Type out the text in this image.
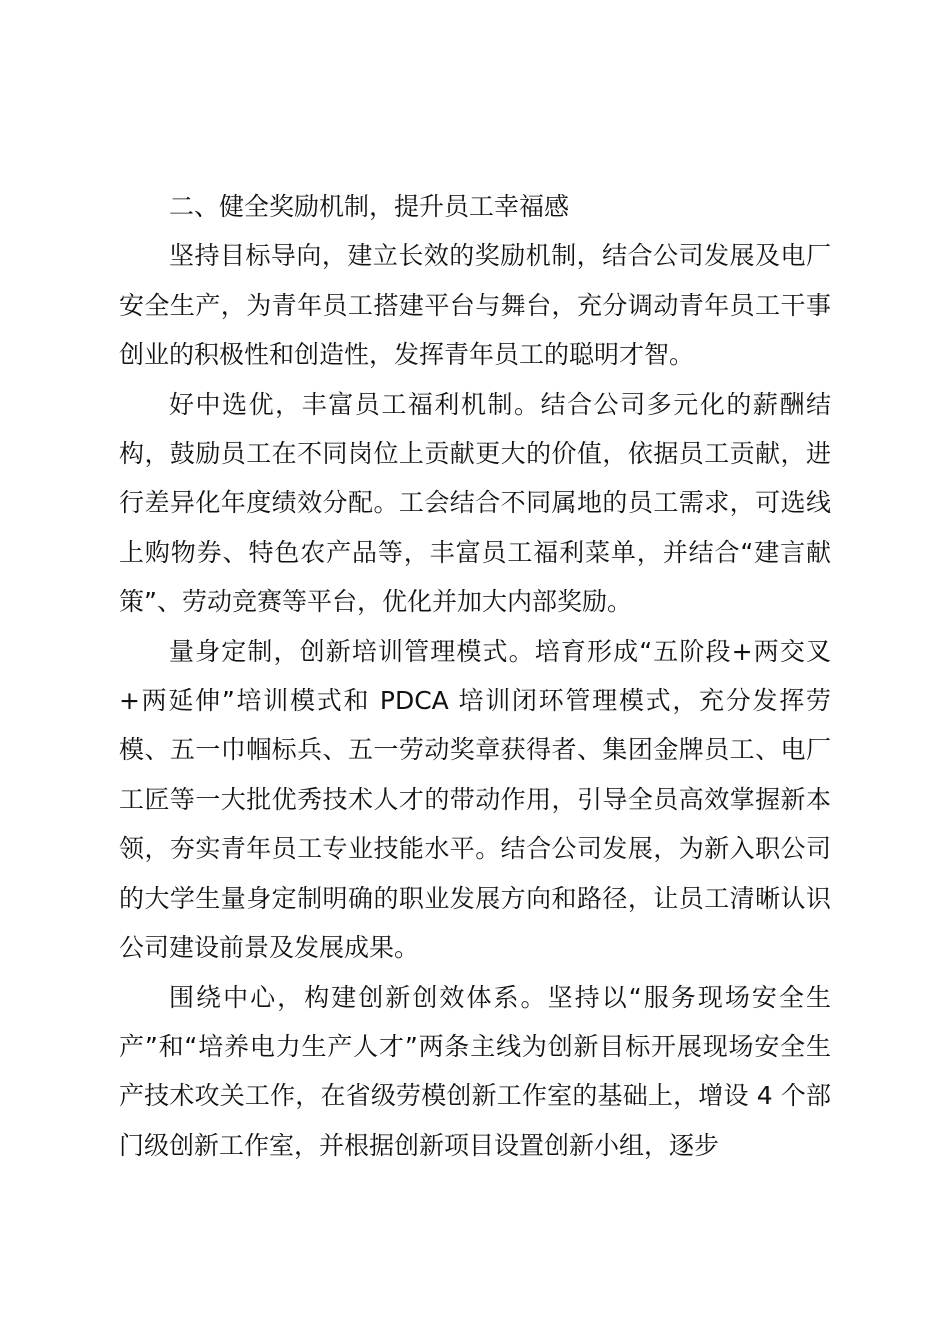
二、健全奖励机制，提升员工幸福感

坚持目标导向，建立长效的奖励机制，结合公司发展及电厂安全生产，为青年员工搭建平台与舞台，充分调动青年员工干事创业的积极性和创造性，发挥青年员工的聪明才智。

好中选优，丰富员工福利机制。结合公司多元化的薪酬结构，鼓励员工在不同岗位上贡献更大的价值，依据员工贡献，进行差异化年度绩效分配。工会结合不同属地的员工需求，可选线上购物券、特色农产品等，丰富员工福利菜单，并结合“建言献策”、劳动竞赛等平台，优化并加大内部奖励。

量身定制，创新培训管理模式。培育形成“五阶段+两交叉+两延伸”培训模式和 PDCA 培训闭环管理模式，充分发挥劳模、五一巾帼标兵、五一劳动奖章获得者、集团金牌员工、电厂工匠等一大批优秀技术人才的带动作用，引导全员高效掌握新本领，夯实青年员工专业技能水平。结合公司发展，为新入职公司的大学生量身定制明确的职业发展方向和路径，让员工清晰认识公司建设前景及发展成果。

围绕中心，构建创新创效体系。坚持以“服务现场安全生产”和“培养电力生产人才”两条主线为创新目标开展现场安全生产技术攻关工作，在省级劳模创新工作室的基础上，增设 4 个部门级创新工作室，并根据创新项目设置创新小组，逐步
